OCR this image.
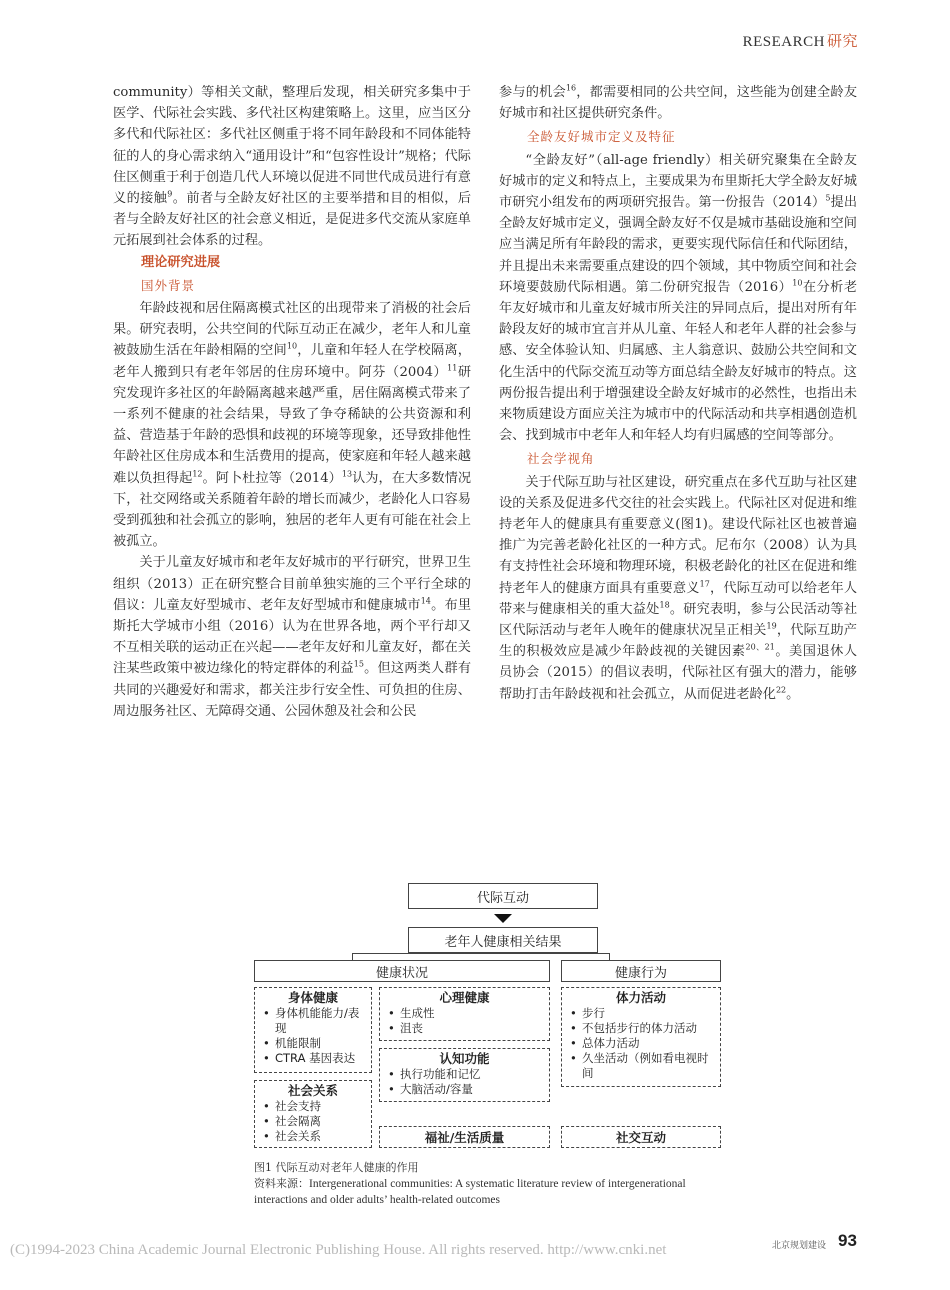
RESEARCH 研究

community）等相关文献，整理后发现，相关研究多集中于医学、代际社会实践、多代社区构建策略上。这里，应当区分多代和代际社区：多代社区侧重于将不同年龄段和不同体能特征的人的身心需求纳入“通用设计”和“包容性设计”规格；代际住区侧重于利于创造几代人环境以促进不同世代成员进行有意义的接触$^9$。前者与全龄友好社区的主要举措和目的相似，后者与全龄友好社区的社会意义相近，是促进多代交流从家庭单元拓展到社会体系的过程。

理论研究进展
国外背景

年龄歧视和居住隔离模式社区的出现带来了消极的社会后果。研究表明，公共空间的代际互动正在减少，老年人和儿童被鼓励生活在年龄相隔的空间$^{10}$，儿童和年轻人在学校隔离，老年人搬到只有老年邻居的住房环境中。阿芬$(2004)^{11}$研究发现许多社区的年龄隔离越来越严重，居住隔离模式带来了一系列不健康的社会结果，导致了争夺稀缺的公共资源和利益、营造基于年龄的恐惧和歧视的环境等现象，还导致排他性年龄社区住房成本和生活费用的提高，使家庭和年轻人越来越难以负担得起$^{12}$。阿卜杜拉等$(2014)^{13}$认为，在大多数情况下，社交网络或关系随着年龄的增长而减少，老龄化人口容易受到孤独和社会孤立的影响，独居的老年人更有可能在社会上被孤立。

关于儿童友好城市和老年友好城市的平行研究，世界卫生组织（2013）正在研究整合目前单独实施的三个平行全球的倡议：儿童友好型城市、老年友好型城市和健康城市$^{14}$。布里斯托大学城市小组（2016）认为在世界各地，两个平行却又不互相关联的运动正在兴起——老年友好和儿童友好，都在关注某些政策中被边缘化的特定群体的利益$^{15}$。但这两类人群有共同的兴趣爱好和需求，都关注步行安全性、可负担的住房、周边服务社区、无障碍交通、公园休憩及社会和公民

参与的机会$^{16}$，都需要相同的公共空间，这些能为创建全龄友好城市和社区提供研究条件。

全龄友好城市定义及特征

“全龄友好”（all-age friendly）相关研究聚集在全龄友好城市的定义和特点上，主要成果为布里斯托大学全龄友好城市研究小组发布的两项研究报告。第一份报告$(2014)^5$提出全龄友好城市定义，强调全龄友好不仅是城市基础设施和空间应当满足所有年龄段的需求，更要实现代际信任和代际团结，并且提出未来需要重点建设的四个领域，其中物质空间和社会环境要鼓励代际相遇。第二份研究报告$(2016)^{10}$在分析老年友好城市和儿童友好城市所关注的异同点后，提出对所有年龄段友好的城市宜言并从儿童、年轻人和老年人群的社会参与感、安全体验认知、归属感、主人翁意识、鼓励公共空间和文化生活中的代际交流互动等方面总结全龄友好城市的特点。这两份报告提出利于增强建设全龄友好城市的必然性，也指出未来物质建设方面应关注为城市中的代际活动和共享相遇创造机会、找到城市中老年人和年轻人均有归属感的空间等部分。

社会学视角

关于代际互助与社区建设，研究重点在多代互助与社区建设的关系及促进多代交往的社会实践上。代际社区对促进和维持老年人的健康具有重要意义(图1)。建设代际社区也被普遍推广为完善老龄化社区的一种方式。尼布尔（2008）认为具有支持性社会环境和物理环境，积极老龄化的社区在促进和维持老年人的健康方面具有重要意义$^{17}$，代际互动可以给老年人带来与健康相关的重大益处$^{18}$。研究表明，参与公民活动等社区代际活动与老年人晚年的健康状况呈正相关$^{19}$，代际互助产生的积极效应是减少年龄歧视的关键因素$^{20、21}$。美国退休人员协会（2015）的倡议表明，代际社区有强大的潜力，能够帮助打击年龄歧视和社会孤立，从而促进老龄化$^{22}$。

代际互动
老年人健康相关结果
健康状况	健康行为
身体健康
• 身体机能能力/表现
• 机能限制
• CTRA 基因表达
心理健康
• 生成性
• 沮丧
认知功能
• 执行功能和记忆
• 大脑活动/容量
社会关系
• 社会支持
• 社会隔离
• 社会关系	福祉/生活质量
体力活动
• 步行
• 不包括步行的体力活动
• 总体力活动
• 久坐活动（例如看电视时间
社交互动
图1 代际互动对老年人健康的作用
资料来源：Intergenerational communities: A systematic literature review of intergenerational interactions and older adults’ health-related outcomes
(C)1994-2023 China Academic Journal Electronic Publishing House. All rights reserved. http://www.cnki.net	北京规划建设 93
